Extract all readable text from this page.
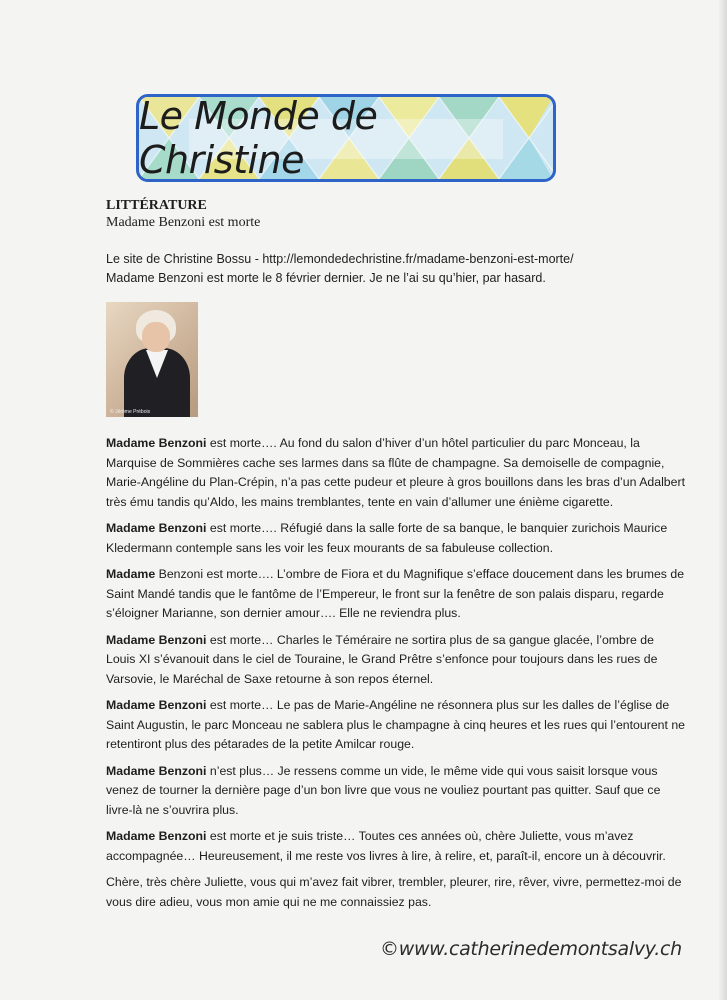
Le Monde de Christine
LITTÉRATURE
Madame Benzoni est morte

Le site de Christine Bossu - http://lemondedechristine.fr/madame-benzoni-est-morte/

Madame Benzoni est morte le 8 février dernier. Je ne l’ai su qu’hier, par hasard.

© Jérôme Prébois

Madame Benzoni est morte…. Au fond du salon d’hiver d’un hôtel particulier du parc Monceau, la Marquise de Sommières cache ses larmes dans sa flûte de champagne. Sa demoiselle de compagnie, Marie-Angéline du Plan-Crépin, n’a pas cette pudeur et pleure à gros bouillons dans les bras d’un Adalbert très ému tandis qu’Aldo, les mains tremblantes, tente en vain d’allumer une énième cigarette.

Madame Benzoni est morte…. Réfugié dans la salle forte de sa banque, le banquier zurichois Maurice Kledermann contemple sans les voir les feux mourants de sa fabuleuse collection.

Madame Benzoni est morte…. L’ombre de Fiora et du Magnifique s’efface doucement dans les brumes de Saint Mandé tandis que le fantôme de l’Empereur, le front sur la fenêtre de son palais disparu, regarde s’éloigner Marianne, son dernier amour…. Elle ne reviendra plus.

Madame Benzoni est morte… Charles le Téméraire ne sortira plus de sa gangue glacée, l’ombre de Louis XI s’évanouit dans le ciel de Touraine, le Grand Prêtre s’enfonce pour toujours dans les rues de Varsovie, le Maréchal de Saxe retourne à son repos éternel.

Madame Benzoni est morte… Le pas de Marie-Angéline ne résonnera plus sur les dalles de l’église de Saint Augustin, le parc Monceau ne sablera plus le champagne à cinq heures et les rues qui l’entourent ne retentiront plus des pétarades de la petite Amilcar rouge.

Madame Benzoni n’est plus… Je ressens comme un vide, le même vide qui vous saisit lorsque vous venez de tourner la dernière page d’un bon livre que vous ne vouliez pourtant pas quitter. Sauf que ce livre-là ne s’ouvrira plus.

Madame Benzoni est morte et je suis triste… Toutes ces années où, chère Juliette, vous m’avez accompagnée… Heureusement, il me reste vos livres à lire, à relire, et, paraît-il, encore un à découvrir.

Chère, très chère Juliette, vous qui m’avez fait vibrer, trembler, pleurer, rire, rêver, vivre, permettez-moi de vous dire adieu, vous mon amie qui ne me connaissiez pas.

©www.catherinedemontsalvy.ch
